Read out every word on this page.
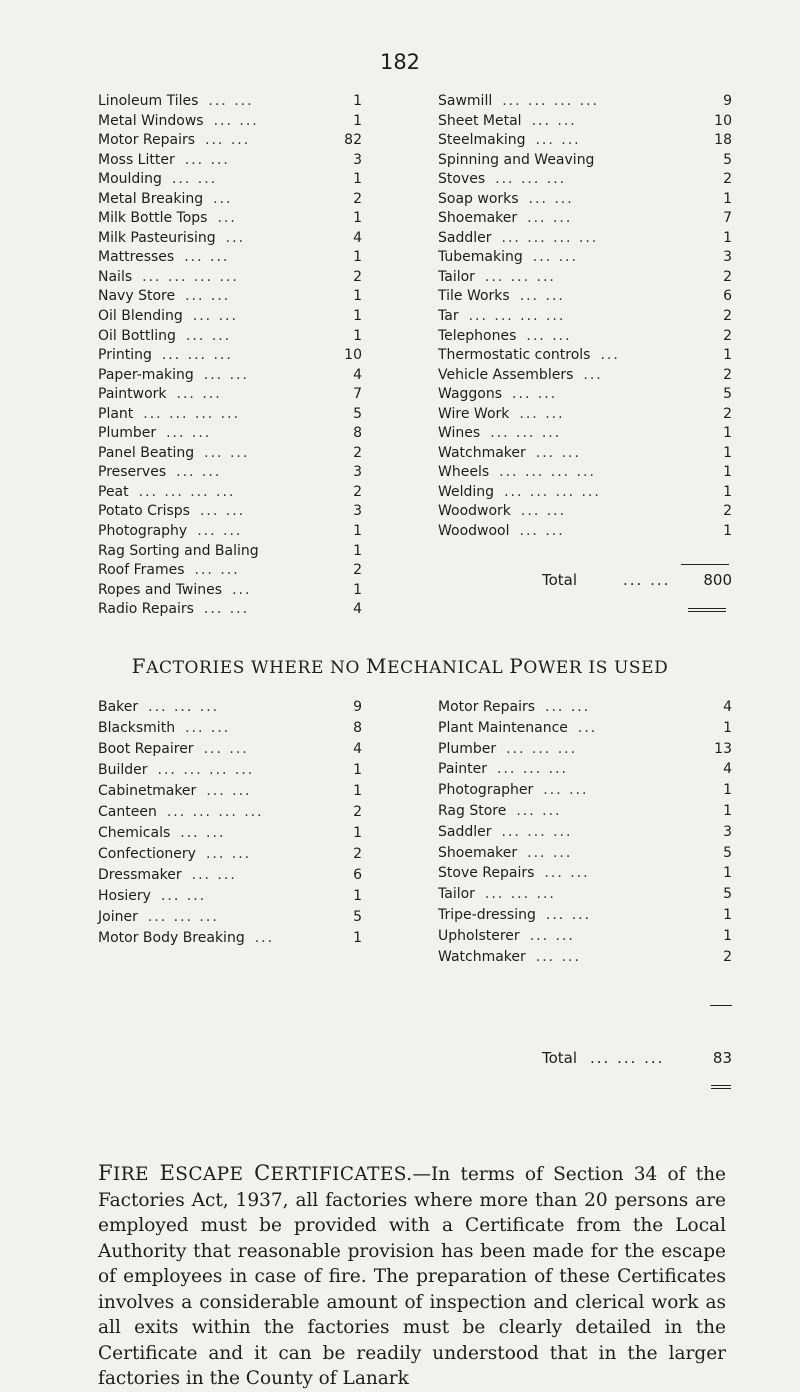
182
Linoleum Tiles ... ...	1
Metal Windows ... ...	1
Motor Repairs ... ...	82
Moss Litter ... ...	3
Moulding ... ...	1
Metal Breaking ...	2
Milk Bottle Tops ...	1
Milk Pasteurising ...	4
Mattresses ... ...	1
Nails ... ... ... ...	2
Navy Store ... ...	1
Oil Blending ... ...	1
Oil Bottling ... ...	1
Printing ... ... ...	10
Paper-making ... ...	4
Paintwork ... ...	7
Plant ... ... ... ...	5
Plumber ... ...	8
Panel Beating ... ...	2
Preserves ... ...	3
Peat ... ... ... ...	2
Potato Crisps ... ...	3
Photography ... ...	1
Rag Sorting and Baling	1
Roof Frames ... ...	2
Ropes and Twines ...	1
Radio Repairs ... ...	4
Sawmill ... ... ... ...	9
Sheet Metal ... ...	10
Steelmaking ... ...	18
Spinning and Weaving	5
Stoves ... ... ...	2
Soap works ... ...	1
Shoemaker ... ...	7
Saddler ... ... ... ...	1
Tubemaking ... ...	3
Tailor ... ... ...	2
Tile Works ... ...	6
Tar ... ... ... ...	2
Telephones ... ...	2
Thermostatic controls ...	1
Vehicle Assemblers ...	2
Waggons ... ...	5
Wire Work ... ...	2
Wines ... ... ...	1
Watchmaker ... ...	1
Wheels ... ... ... ...	1
Welding ... ... ... ...	1
Woodwork ... ...	2
Woodwool ... ...	1
Total	... ... 800
FACTORIES WHERE NO MECHANICAL POWER IS USED
Baker ... ... ...	9
Blacksmith ... ...	8
Boot Repairer ... ...	4
Builder ... ... ... ...	1
Cabinetmaker ... ...	1
Canteen ... ... ... ...	2
Chemicals ... ...	1
Confectionery ... ...	2
Dressmaker ... ...	6
Hosiery ... ...	1
Joiner ... ... ...	5
Motor Body Breaking ...	1
Motor Repairs ... ...	4
Plant Maintenance ...	1
Plumber ... ... ...	13
Painter ... ... ...	4
Photographer ... ...	1
Rag Store ... ...	1
Saddler ... ... ...	3
Shoemaker ... ...	5
Stove Repairs ... ...	1
Tailor ... ... ...	5
Tripe-dressing ... ...	1
Upholsterer ... ...	1
Watchmaker ... ...	2
Total ... ... ...	83
FIRE ESCAPE CERTIFICATES.—In terms of Section 34 of the Factories Act, 1937, all factories where more than 20 persons are employed must be provided with a Certificate from the Local Authority that reasonable provision has been made for the escape of employees in case of fire. The preparation of these Certificates involves a considerable amount of inspection and clerical work as all exits within the factories must be clearly detailed in the Certificate and it can be readily understood that in the larger factories in the County of Lanark
